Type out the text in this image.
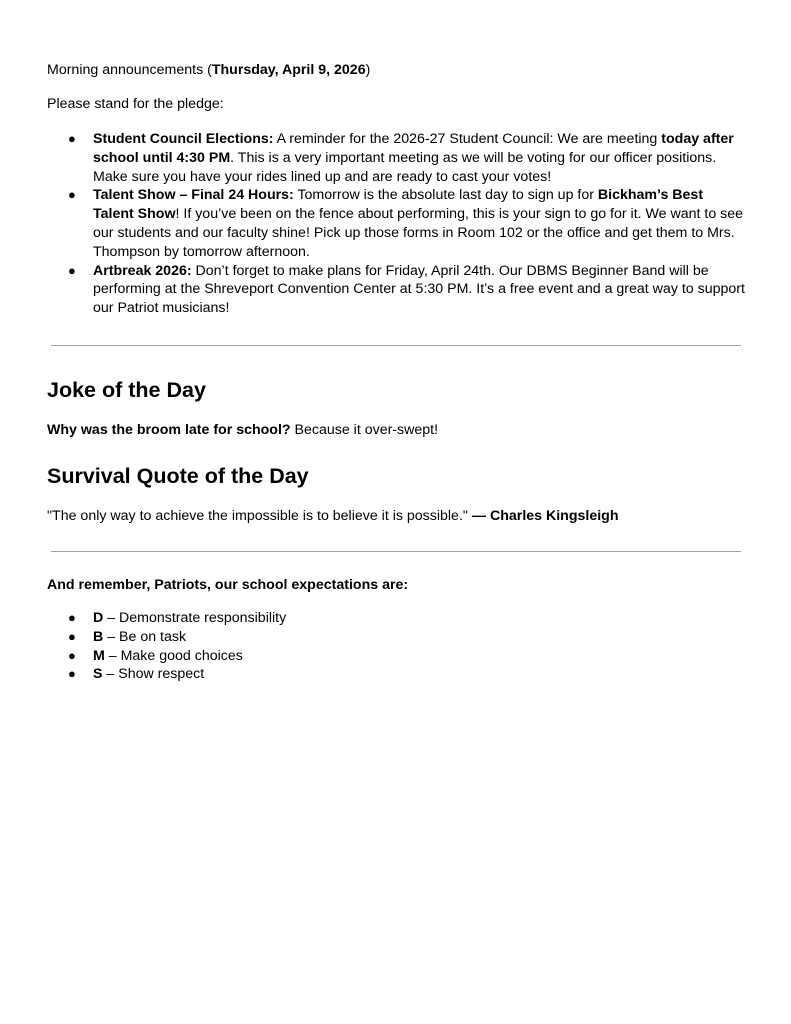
Morning announcements (Thursday, April 9, 2026)

Please stand for the pledge:

● Student Council Elections: A reminder for the 2026-27 Student Council: We are meeting today after school until 4:30 PM. This is a very important meeting as we will be voting for our officer positions. Make sure you have your rides lined up and are ready to cast your votes!
● Talent Show – Final 24 Hours: Tomorrow is the absolute last day to sign up for Bickham’s Best Talent Show! If you’ve been on the fence about performing, this is your sign to go for it. We want to see our students and our faculty shine! Pick up those forms in Room 102 or the office and get them to Mrs. Thompson by tomorrow afternoon.
● Artbreak 2026: Don’t forget to make plans for Friday, April 24th. Our DBMS Beginner Band will be performing at the Shreveport Convention Center at 5:30 PM. It’s a free event and a great way to support our Patriot musicians!
Joke of the Day

Why was the broom late for school? Because it over-swept!

Survival Quote of the Day

"The only way to achieve the impossible is to believe it is possible." — Charles Kingsleigh

And remember, Patriots, our school expectations are:

● D – Demonstrate responsibility
● B – Be on task
● M – Make good choices
● S – Show respect
